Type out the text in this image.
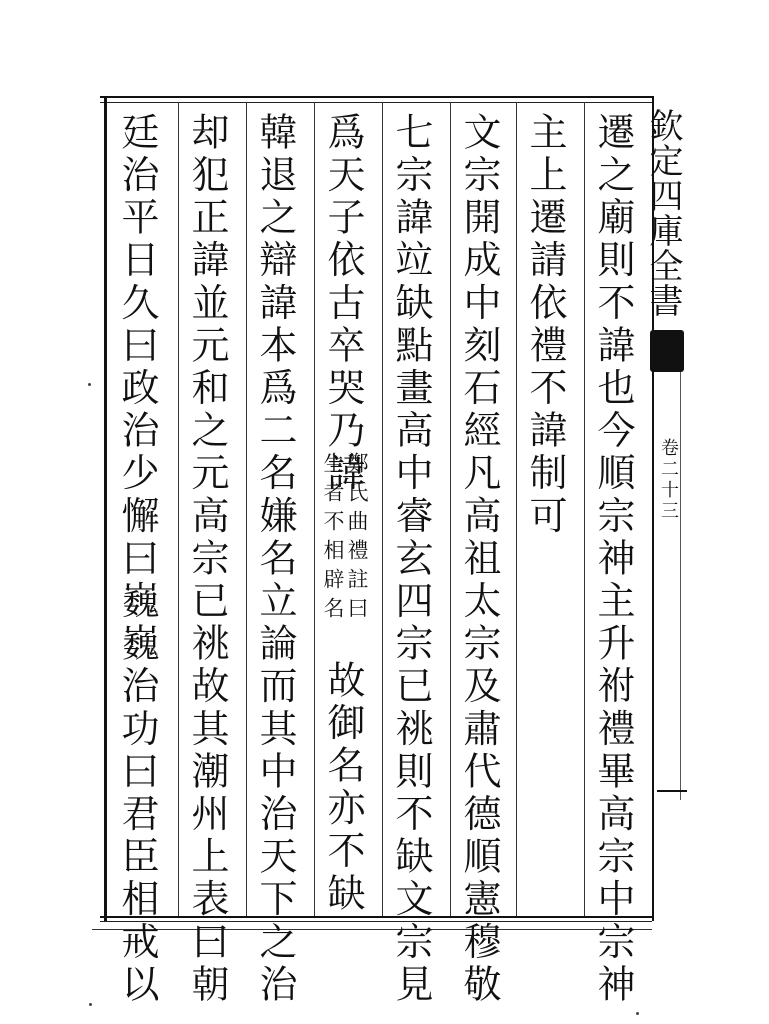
欽定四庫全書
卷二十三
遷之廟則不諱也今順宗神主升祔禮畢高宗中宗神
主上遷請依禮不諱制可
文宗開成中刻石經凡高祖太宗及肅代德順憲穆敬
七宗諱竝缺點畫高中睿玄四宗已祧則不缺文宗見
爲天子依古卒哭乃諱
鄭氏曲禮註曰
生者不相辟名
故御名亦不缺
韓退之辯諱本爲二名嫌名立論而其中治天下之治
却犯正諱並元和之元高宗已祧故其潮州上表曰朝
廷治平日久曰政治少懈曰巍巍治功曰君臣相戒以
